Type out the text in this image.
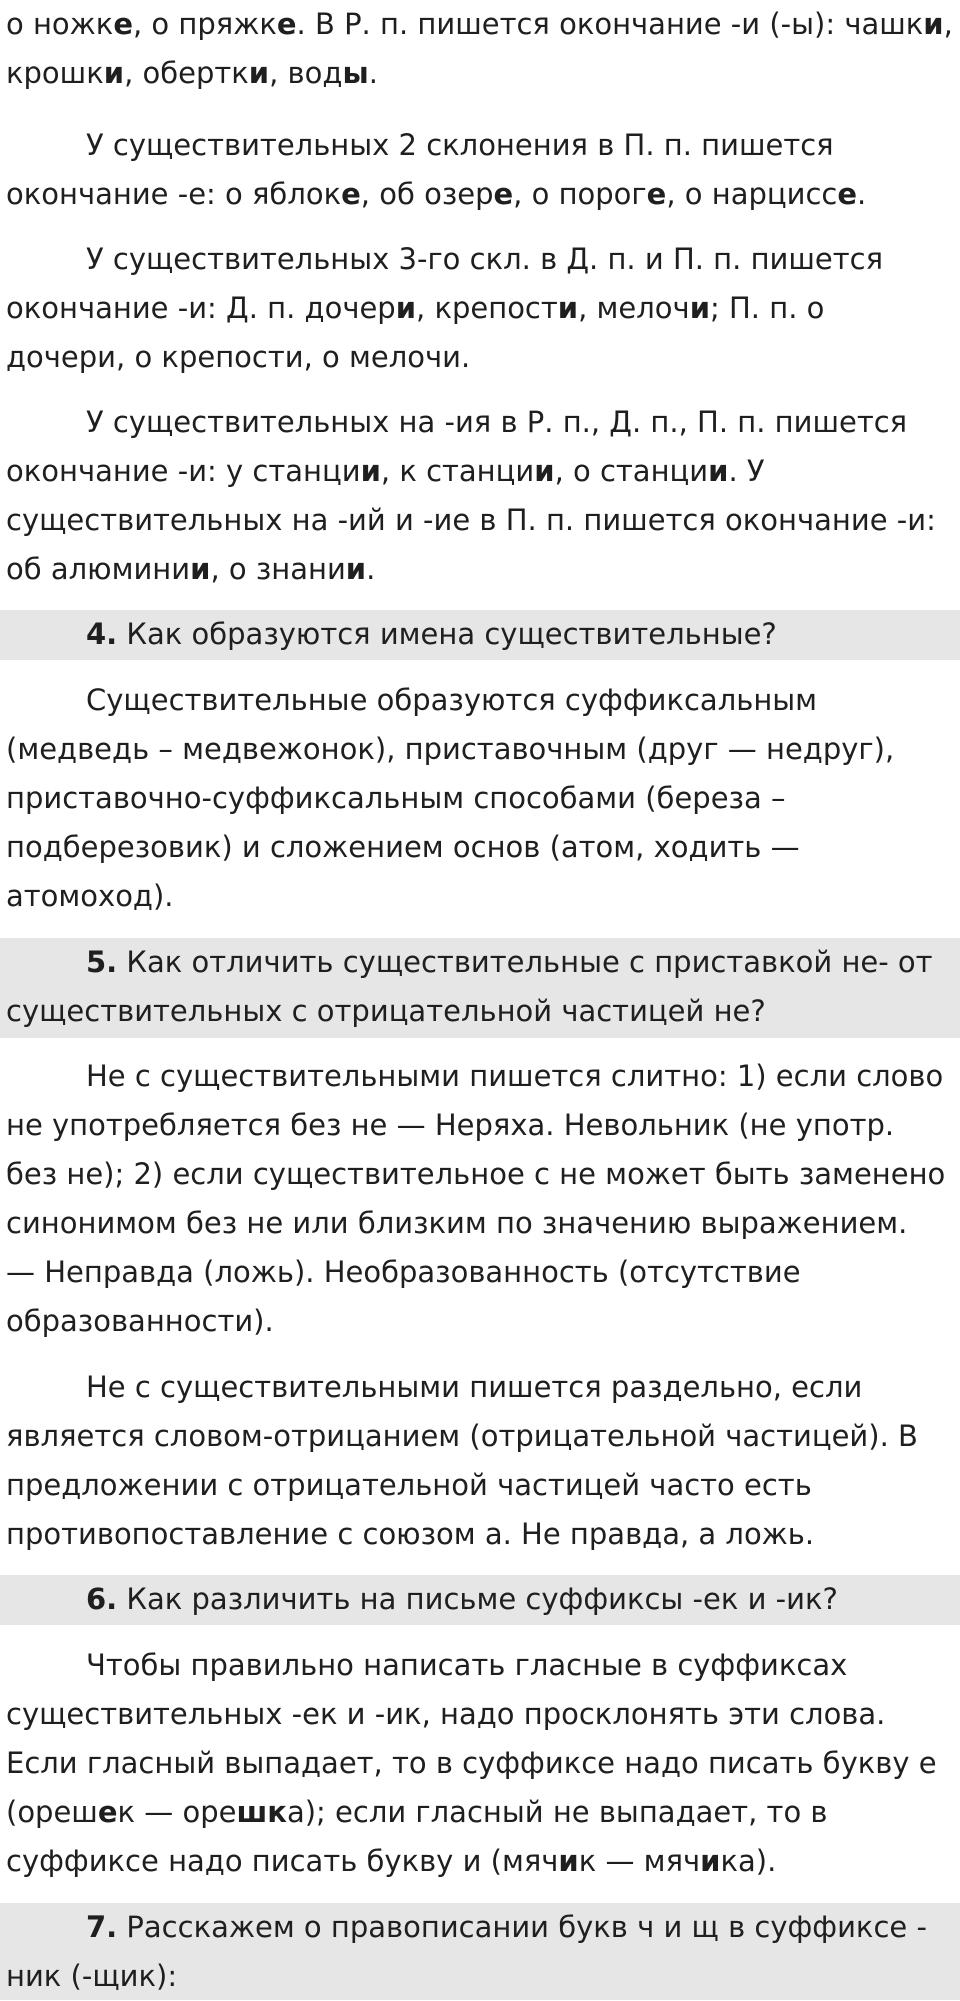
о ножке, о пряжке. В Р. п. пишется окончание -и (-ы): чашки,
крошки, обертки, воды.
У существительных 2 склонения в П. п. пишется
окончание -е: о яблоке, об озере, о пороге, о нарциссе.
У существительных 3-го скл. в Д. п. и П. п. пишется
окончание -и: Д. п. дочери, крепости, мелочи; П. п. о
дочери, о крепости, о мелочи.
У существительных на -ия в Р. п., Д. п., П. п. пишется
окончание -и: у станции, к станции, о станции. У
существительных на -ий и -ие в П. п. пишется окончание -и:
об алюминии, о знании.
4. Как образуются имена существительные?
Существительные образуются суффиксальным
(медведь – медвежонок), приставочным (друг — недруг),
приставочно-суффиксальным способами (береза –
подберезовик) и сложением основ (атом, ходить —
атомоход).
5. Как отличить существительные с приставкой не- от
существительных с отрицательной частицей не?
Не с существительными пишется слитно: 1) если слово
не употребляется без не — Неряха. Невольник (не употр.
без не); 2) если существительное с не может быть заменено
синонимом без не или близким по значению выражением.
— Неправда (ложь). Необразованность (отсутствие
образованности).
Не с существительными пишется раздельно, если
является словом-отрицанием (отрицательной частицей). В
предложении с отрицательной частицей часто есть
противопоставление с союзом а. Не правда, а ложь.
6. Как различить на письме суффиксы -ек и -ик?
Чтобы правильно написать гласные в суффиксах
существительных -ек и -ик, надо просклонять эти слова.
Если гласный выпадает, то в суффиксе надо писать букву е
(орешек — орешка); если гласный не выпадает, то в
суффиксе надо писать букву и (мячик — мячика).
7. Расскажем о правописании букв ч и щ в суффиксе -
ник (-щик):
